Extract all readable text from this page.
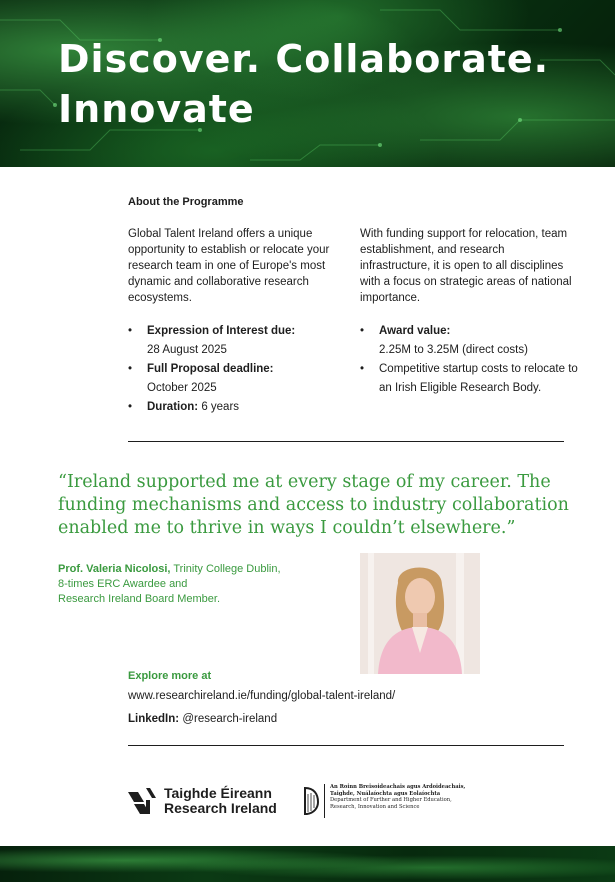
Discover. Collaborate.
Innovate
About the Programme

Global Talent Ireland offers a unique opportunity to establish or relocate your research team in one of Europe's most dynamic and collaborative research ecosystems.

With funding support for relocation, team establishment, and research infrastructure, it is open to all disciplines with a focus on strategic areas of national importance.

• Expression of Interest due:
28 August 2025
• Full Proposal deadline:
October 2025
• Duration: 6 years
• Award value:
2.25M to 3.25M (direct costs)
• Competitive startup costs to relocate to an Irish Eligible Research Body.
“Ireland supported me at every stage of my career. The funding mechanisms and access to industry collaboration enabled me to thrive in ways I couldn’t elsewhere.”
Prof. Valeria Nicolosi, Trinity College Dublin,
8-times ERC Awardee and
Research Ireland Board Member.
Explore more at
www.researchireland.ie/funding/global-talent-ireland/
LinkedIn: @research-ireland
Taighde Éireann
Research Ireland
An Roinn Breisoideachais agus Ardoideachais,
Taighde, Nuálaíochta agus Eolaíochta
Department of Further and Higher Education,
Research, Innovation and Science
